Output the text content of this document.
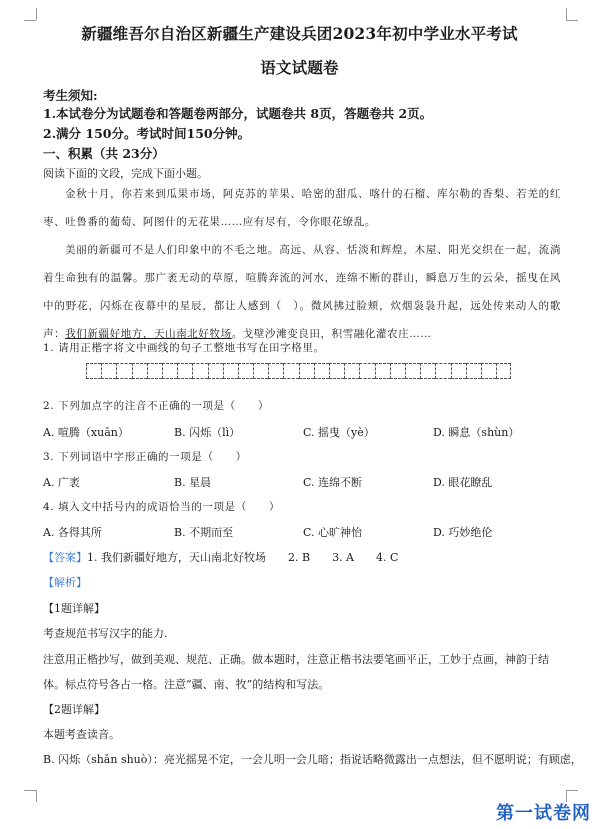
新疆维吾尔自治区新疆生产建设兵团2023年初中学业水平考试
语文试题卷
考生须知:
1.本试卷分为试题卷和答题卷两部分，试题卷共 8页，答题卷共 2页。
2.满分 150分。考试时间150分钟。
一、积累（共 23分）
阅读下面的文段，完成下面小题。
金秋十月，你若来到瓜果市场，阿克苏的苹果、哈密的甜瓜、喀什的石榴、库尔勒的香梨、若羌的红枣、吐鲁番的葡萄、阿图什的无花果……应有尽有，令你眼花缭乱。
美丽的新疆可不是人们印象中的不毛之地。高远、从容、恬淡和辉煌，木屋、阳光交织在一起，流淌着生命独有的温馨。那广袤无动的草原，喧腾奔流的河水，连绵不断的群山，瞬息万生的云朵，摇曳在风中的野花，闪烁在夜幕中的星辰，都让人感到（　）。微风拂过脸颊，炊烟袅袅升起，远处传来动人的歌声：我们新疆好地方，天山南北好牧场。戈壁沙滩变良田，积雪融化灌农庄……
1. 请用正楷字将文中画线的句子工整地书写在田字格里。
2. 下列加点字的注音不正确的一项是（　　）
A. 喧腾（xuān）	B. 闪烁（lì）	C. 摇曳（yè）	D. 瞬息（shùn）
3. 下列词语中字形正确的一项是（　　）
A. 广袤	B. 星晨	C. 连绵不断	D. 眼花瞭乱
4. 填入文中括号内的成语恰当的一项是（　　）
A. 各得其所	B. 不期而至	C. 心旷神怡	D. 巧妙绝伦
【答案】1. 我们新疆好地方，天山南北好牧场　　2. B　　3. A　　4. C
【解析】
【1题详解】
考查规范书写汉字的能力.
注意用正楷抄写，做到美观、规范、正确。做本题时，注意正楷书法要笔画平正，工妙于点画，神韵于结
体。标点符号各占一格。注意“疆、南、牧”的结构和写法。
【2题详解】
本题考查读音。
B. 闪烁（shǎn shuò）：亮光摇晃不定，一会儿明一会儿暗；指说话略微露出一点想法，但不愿明说；有顾虑，
第一试卷网
